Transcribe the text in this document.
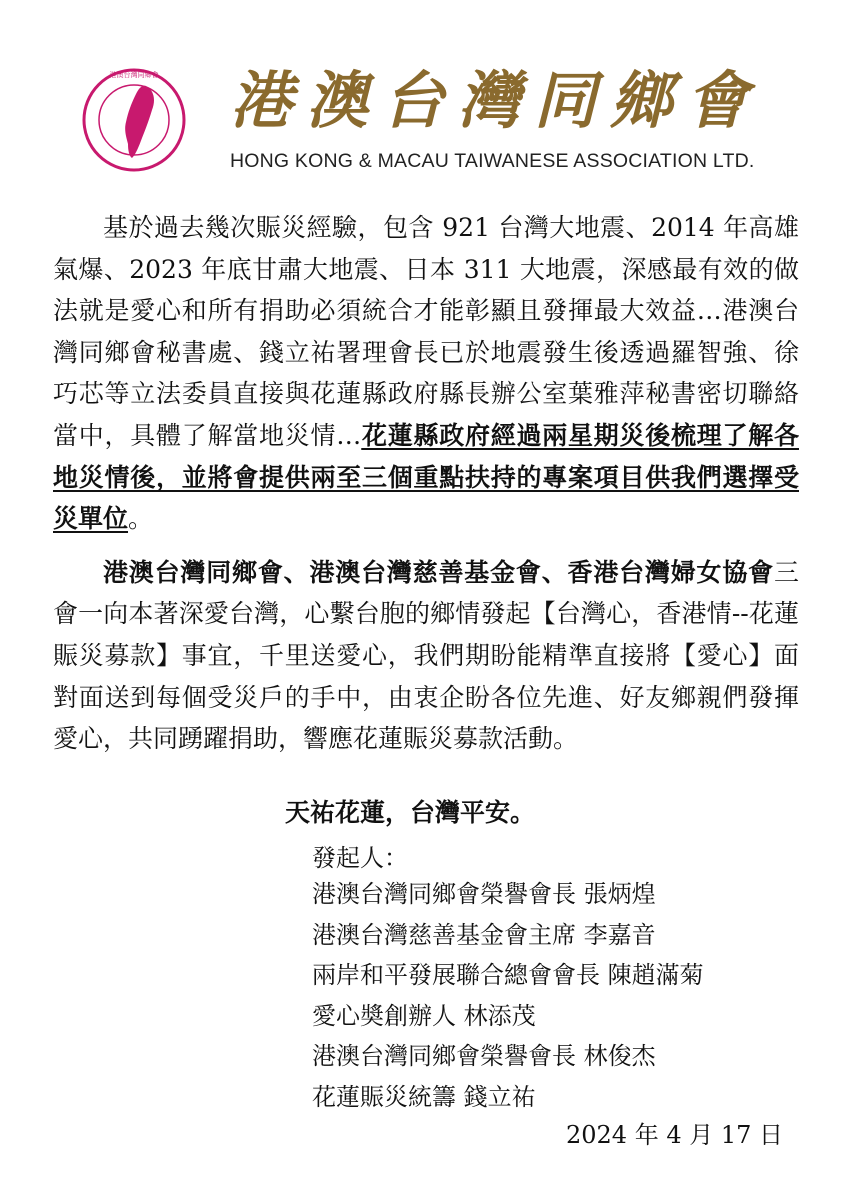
港澳台灣同鄉會 港澳台灣同鄉會
HONG KONG & MACAU TAIWANESE ASSOCIATION LTD.

基於過去幾次賑災經驗，包含 921 台灣大地震、2014 年高雄氣爆、2023 年底甘肅大地震、日本 311 大地震，深感最有效的做法就是愛心和所有捐助必須統合才能彰顯且發揮最大效益…港澳台灣同鄉會秘書處、錢立祐署理會長已於地震發生後透過羅智強、徐巧芯等立法委員直接與花蓮縣政府縣長辦公室葉雅萍秘書密切聯絡當中，具體了解當地災情…花蓮縣政府經過兩星期災後梳理了解各地災情後，並將會提供兩至三個重點扶持的專案項目供我們選擇受災單位。

港澳台灣同鄉會、港澳台灣慈善基金會、香港台灣婦女協會三會一向本著深愛台灣，心繫台胞的鄉情發起【台灣心，香港情--花蓮賑災募款】事宜，千里送愛心，我們期盼能精準直接將【愛心】面對面送到每個受災戶的手中，由衷企盼各位先進、好友鄉親們發揮愛心，共同踴躍捐助，響應花蓮賑災募款活動。

天祐花蓮，台灣平安。
發起人：
港澳台灣同鄉會榮譽會長 張炳煌
港澳台灣慈善基金會主席 李嘉音
兩岸和平發展聯合總會會長 陳趙滿菊
愛心奬創辦人 林添茂
港澳台灣同鄉會榮譽會長 林俊杰
花蓮賑災統籌 錢立祐
2024 年 4 月 17 日
